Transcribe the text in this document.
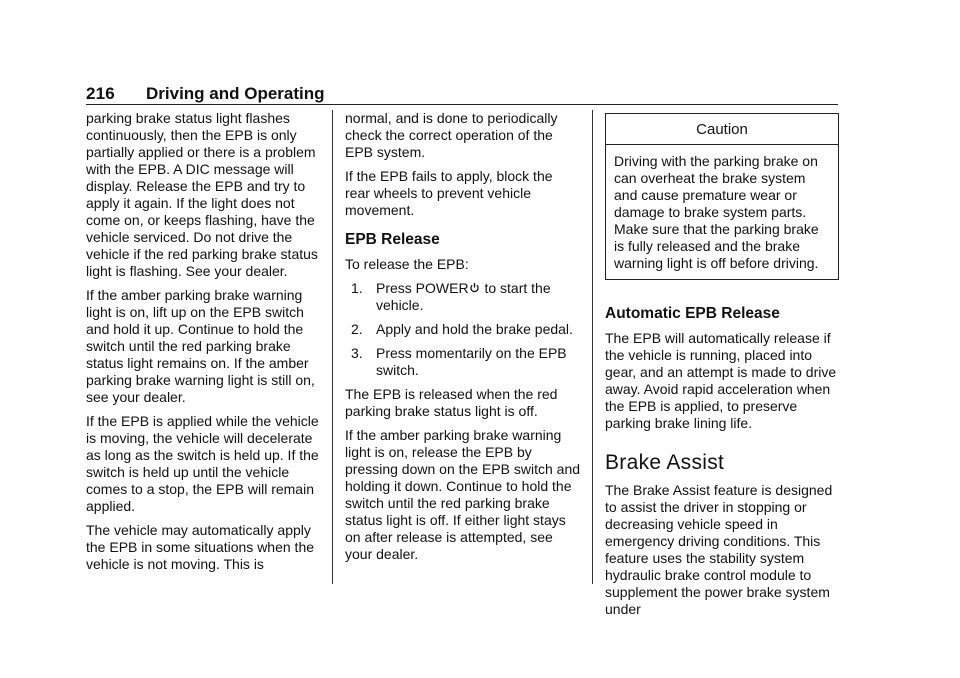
216 Driving and Operating

parking brake status light flashes continuously, then the EPB is only partially applied or there is a problem with the EPB. A DIC message will display. Release the EPB and try to apply it again. If the light does not come on, or keeps flashing, have the vehicle serviced. Do not drive the vehicle if the red parking brake status light is flashing. See your dealer.

If the amber parking brake warning light is on, lift up on the EPB switch and hold it up. Continue to hold the switch until the red parking brake status light remains on. If the amber parking brake warning light is still on, see your dealer.

If the EPB is applied while the vehicle is moving, the vehicle will decelerate as long as the switch is held up. If the switch is held up until the vehicle comes to a stop, the EPB will remain applied.

The vehicle may automatically apply the EPB in some situations when the vehicle is not moving. This is

normal, and is done to periodically check the correct operation of the EPB system.

If the EPB fails to apply, block the rear wheels to prevent vehicle movement.

EPB Release

To release the EPB:

1. Press POWER to start the vehicle.
2. Apply and hold the brake pedal.
3. Press momentarily on the EPB switch.

The EPB is released when the red parking brake status light is off.

If the amber parking brake warning light is on, release the EPB by pressing down on the EPB switch and holding it down. Continue to hold the switch until the red parking brake status light is off. If either light stays on after release is attempted, see your dealer.

Caution
Driving with the parking brake on can overheat the brake system and cause premature wear or damage to brake system parts. Make sure that the parking brake is fully released and the brake warning light is off before driving.
Automatic EPB Release

The EPB will automatically release if the vehicle is running, placed into gear, and an attempt is made to drive away. Avoid rapid acceleration when the EPB is applied, to preserve parking brake lining life.

Brake Assist

The Brake Assist feature is designed to assist the driver in stopping or decreasing vehicle speed in emergency driving conditions. This feature uses the stability system hydraulic brake control module to supplement the power brake system under
